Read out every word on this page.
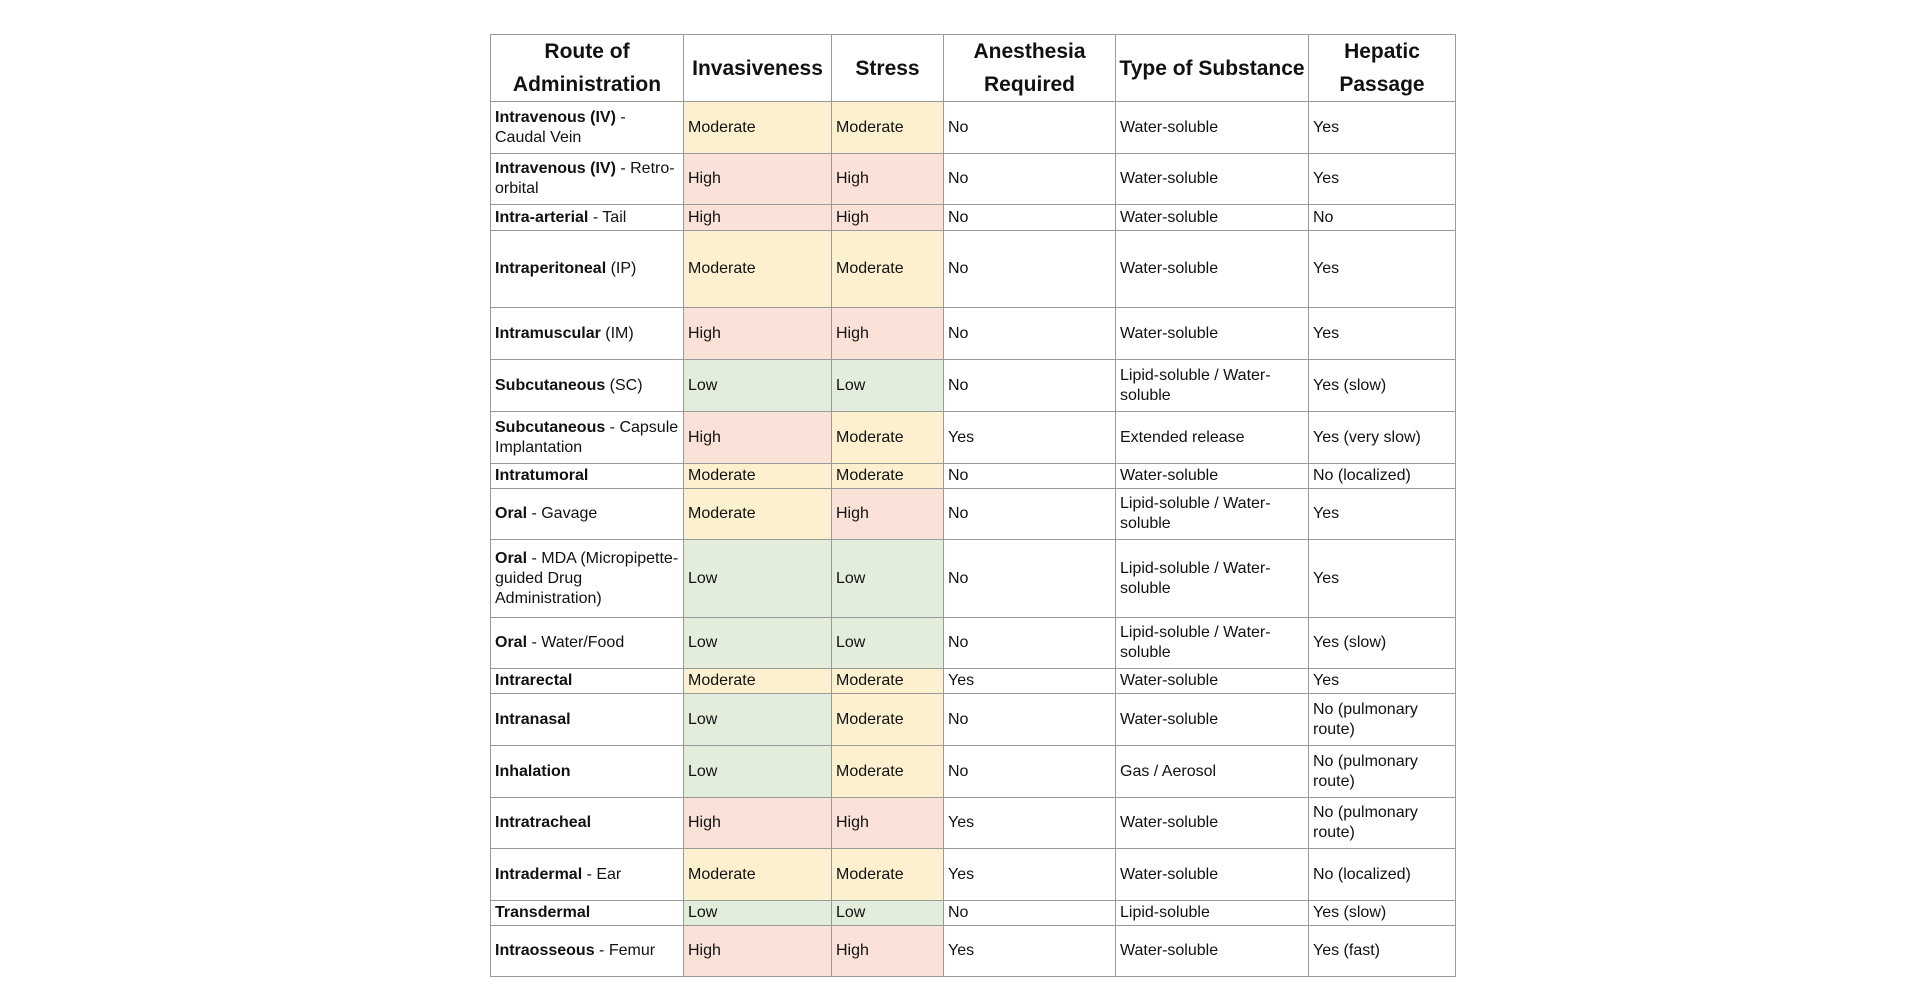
Route of Administration	Invasiveness	Stress	Anesthesia Required	Type of Substance	Hepatic Passage
Intravenous (IV) - Caudal Vein	Moderate	Moderate	No	Water-soluble	Yes
Intravenous (IV) - Retro-orbital	High	High	No	Water-soluble	Yes
Intra-arterial - Tail	High	High	No	Water-soluble	No
Intraperitoneal (IP)	Moderate	Moderate	No	Water-soluble	Yes
Intramuscular (IM)	High	High	No	Water-soluble	Yes
Subcutaneous (SC)	Low	Low	No	Lipid-soluble / Water-soluble	Yes (slow)
Subcutaneous - Capsule Implantation	High	Moderate	Yes	Extended release	Yes (very slow)
Intratumoral	Moderate	Moderate	No	Water-soluble	No (localized)
Oral - Gavage	Moderate	High	No	Lipid-soluble / Water-soluble	Yes
Oral - MDA (Micropipette-guided Drug Administration)	Low	Low	No	Lipid-soluble / Water-soluble	Yes
Oral - Water/Food	Low	Low	No	Lipid-soluble / Water-soluble	Yes (slow)
Intrarectal	Moderate	Moderate	Yes	Water-soluble	Yes
Intranasal	Low	Moderate	No	Water-soluble	No (pulmonary route)
Inhalation	Low	Moderate	No	Gas / Aerosol	No (pulmonary route)
Intratracheal	High	High	Yes	Water-soluble	No (pulmonary route)
Intradermal - Ear	Moderate	Moderate	Yes	Water-soluble	No (localized)
Transdermal	Low	Low	No	Lipid-soluble	Yes (slow)
Intraosseous - Femur	High	High	Yes	Water-soluble	Yes (fast)
